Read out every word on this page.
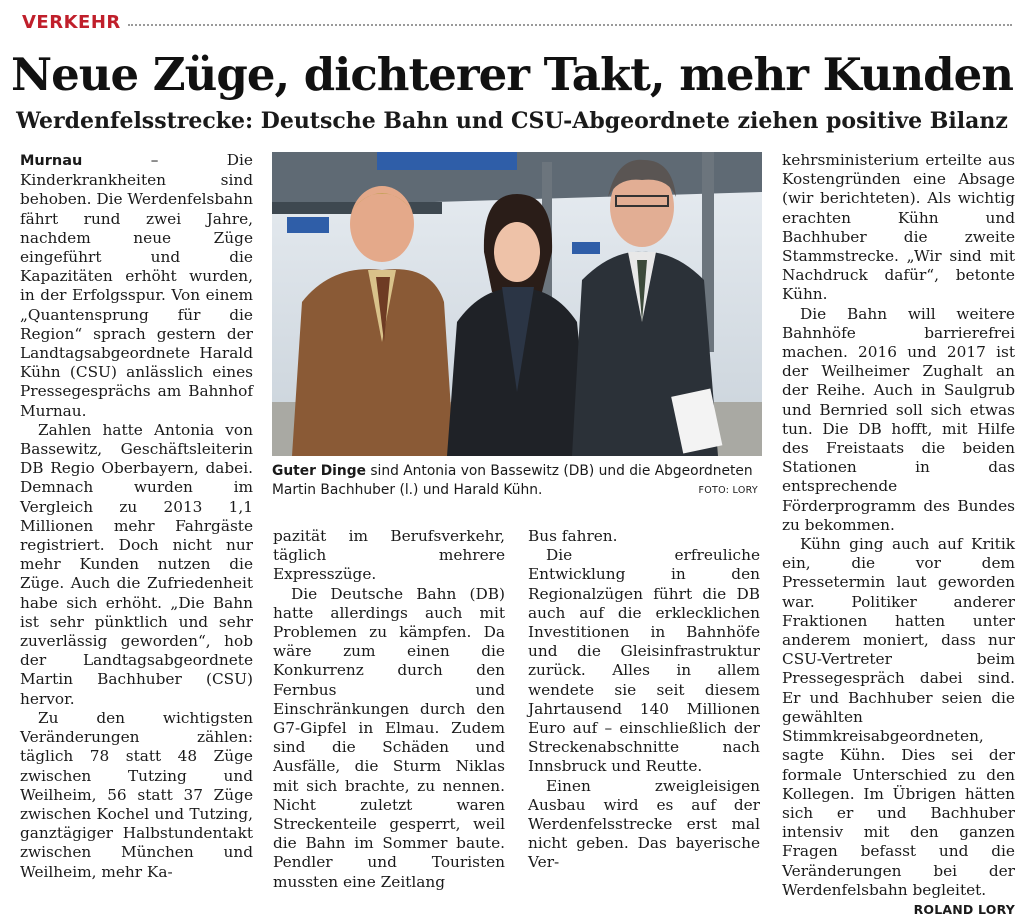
VERKEHR
Neue Züge, dichterer Takt, mehr Kunden
Werdenfelsstrecke: Deutsche Bahn und CSU-Abgeordnete ziehen positive Bilanz

Murnau – Die Kinderkrankheiten sind behoben. Die Werdenfelsbahn fährt rund zwei Jahre, nachdem neue Züge eingeführt und die Kapazitäten erhöht wurden, in der Erfolgsspur. Von einem „Quantensprung für die Region“ sprach gestern der Landtagsabgeordnete Harald Kühn (CSU) anlässlich eines Pressegesprächs am Bahnhof Murnau.

Zahlen hatte Antonia von Bassewitz, Geschäftsleiterin DB Regio Oberbayern, dabei. Demnach wurden im Vergleich zu 2013 1,1 Millionen mehr Fahrgäste registriert. Doch nicht nur mehr Kunden nutzen die Züge. Auch die Zufriedenheit habe sich erhöht. „Die Bahn ist sehr pünktlich und sehr zuverlässig geworden“, hob der Landtagsabgeordnete Martin Bachhuber (CSU) hervor.

Zu den wichtigsten Veränderungen zählen: täglich 78 statt 48 Züge zwischen Tutzing und Weilheim, 56 statt 37 Züge zwischen Kochel und Tutzing, ganztägiger Halbstundentakt zwischen München und Weilheim, mehr Ka-

Guter Dinge sind Antonia von Bassewitz (DB) und die Abgeordneten Martin Bachhuber (l.) und Harald Kühn.	FOTO: LORY

pazität im Berufsverkehr, täglich mehrere Expresszüge.

Die Deutsche Bahn (DB) hatte allerdings auch mit Problemen zu kämpfen. Da wäre zum einen die Konkurrenz durch den Fernbus und Einschränkungen durch den G7-Gipfel in Elmau. Zudem sind die Schäden und Ausfälle, die Sturm Niklas mit sich brachte, zu nennen. Nicht zuletzt waren Streckenteile gesperrt, weil die Bahn im Sommer baute. Pendler und Touristen mussten eine Zeitlang

Bus fahren.

Die erfreuliche Entwicklung in den Regionalzügen führt die DB auch auf die erklecklichen Investitionen in Bahnhöfe und die Gleisinfrastruktur zurück. Alles in allem wendete sie seit diesem Jahrtausend 140 Millionen Euro auf – einschließlich der Streckenabschnitte nach Innsbruck und Reutte.

Einen zweigleisigen Ausbau wird es auf der Werdenfelsstrecke erst mal nicht geben. Das bayerische Ver-

kehrsministerium erteilte aus Kostengründen eine Absage (wir berichteten). Als wichtig erachten Kühn und Bachhuber die zweite Stammstrecke. „Wir sind mit Nachdruck dafür“, betonte Kühn.

Die Bahn will weitere Bahnhöfe barrierefrei machen. 2016 und 2017 ist der Weilheimer Zughalt an der Reihe. Auch in Saulgrub und Bernried soll sich etwas tun. Die DB hofft, mit Hilfe des Freistaats die beiden Stationen in das entsprechende Förderprogramm des Bundes zu bekommen.

Kühn ging auch auf Kritik ein, die vor dem Pressetermin laut geworden war. Politiker anderer Fraktionen hatten unter anderem moniert, dass nur CSU-Vertreter beim Pressegespräch dabei sind. Er und Bachhuber seien die gewählten Stimmkreisabgeordneten, sagte Kühn. Dies sei der formale Unterschied zu den Kollegen. Im Übrigen hätten sich er und Bachhuber intensiv mit den ganzen Fragen befasst und die Veränderungen bei der Werdenfelsbahn begleitet.
ROLAND LORY
